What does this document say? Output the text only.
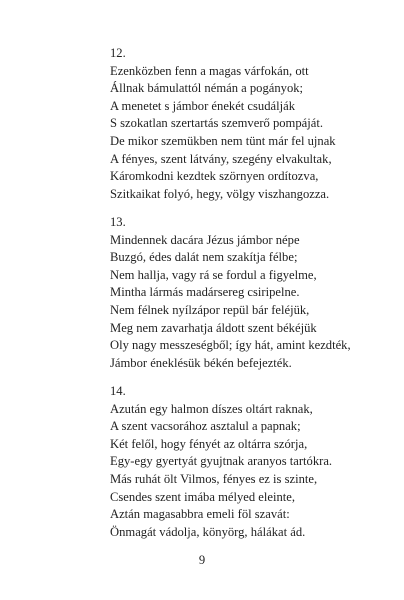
12.
Ezenközben fenn a magas várfokán, ott
Állnak bámulattól némán a pogányok;
A menetet s jámbor énekét csudálják
S szokatlan szertartás szemverő pompáját.
De mikor szemükben nem tünt már fel ujnak
A fényes, szent látvány, szegény elvakultak,
Káromkodni kezdtek szörnyen ordítozva,
Szitkaikat folyó, hegy, völgy viszhangozza.
13.
Mindennek dacára Jézus jámbor népe
Buzgó, édes dalát nem szakítja félbe;
Nem hallja, vagy rá se fordul a figyelme,
Mintha lármás madársereg csiripelne.
Nem félnek nyílzápor repül bár feléjük,
Meg nem zavarhatja áldott szent békéjük
Oly nagy messzeségből; így hát, amint kezdték,
Jámbor éneklésük békén befejezték.
14.
Azután egy halmon díszes oltárt raknak,
A szent vacsorához asztalul a papnak;
Két felől, hogy fényét az oltárra szórja,
Egy-egy gyertyát gyujtnak aranyos tartókra.
Más ruhát ölt Vilmos, fényes ez is szinte,
Csendes szent imába mélyed eleinte,
Aztán magasabbra emeli föl szavát:
Önmagát vádolja, könyörg, hálákat ád.
9
